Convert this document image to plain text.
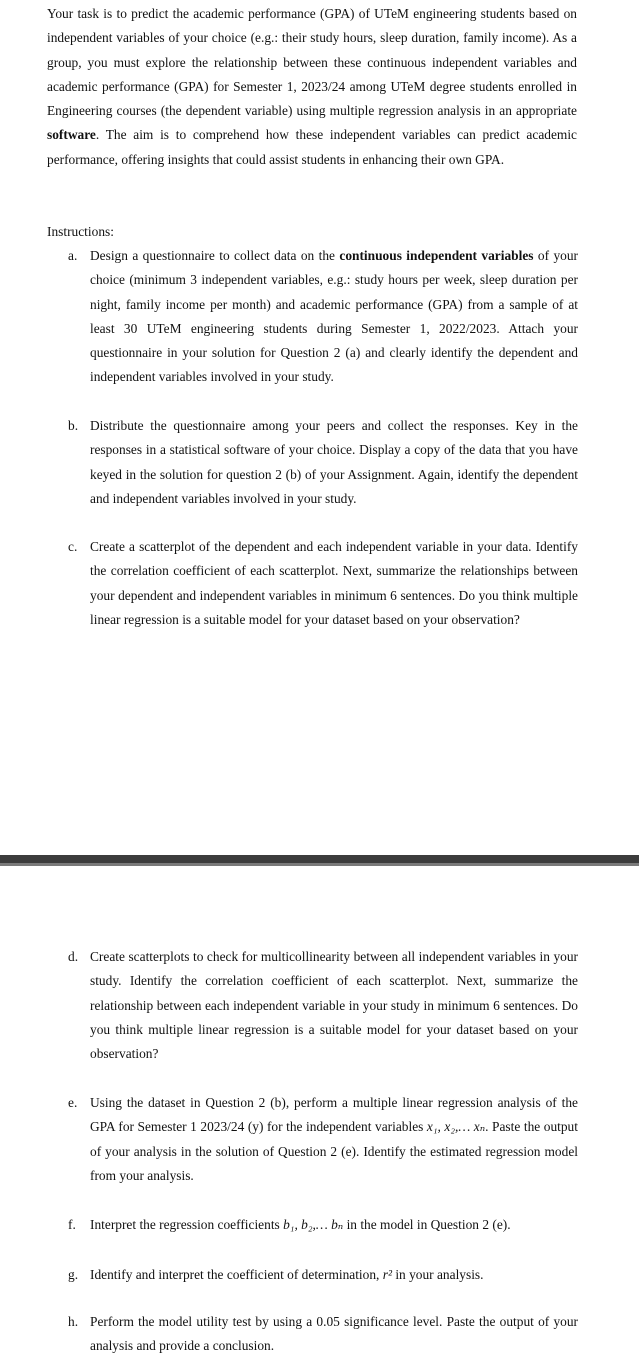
Your task is to predict the academic performance (GPA) of UTeM engineering students based on independent variables of your choice (e.g.: their study hours, sleep duration, family income). As a group, you must explore the relationship between these continuous independent variables and academic performance (GPA) for Semester 1, 2023/24 among UTeM degree students enrolled in Engineering courses (the dependent variable) using multiple regression analysis in an appropriate software. The aim is to comprehend how these independent variables can predict academic performance, offering insights that could assist students in enhancing their own GPA.

Instructions:
a. Design a questionnaire to collect data on the continuous independent variables of your choice (minimum 3 independent variables, e.g.: study hours per week, sleep duration per night, family income per month) and academic performance (GPA) from a sample of at least 30 UTeM engineering students during Semester 1, 2022/2023. Attach your questionnaire in your solution for Question 2 (a) and clearly identify the dependent and independent variables involved in your study.
b. Distribute the questionnaire among your peers and collect the responses. Key in the responses in a statistical software of your choice. Display a copy of the data that you have keyed in the solution for question 2 (b) of your Assignment. Again, identify the dependent and independent variables involved in your study.
c. Create a scatterplot of the dependent and each independent variable in your data. Identify the correlation coefficient of each scatterplot. Next, summarize the relationships between your dependent and independent variables in minimum 6 sentences. Do you think multiple linear regression is a suitable model for your dataset based on your observation?
d. Create scatterplots to check for multicollinearity between all independent variables in your study. Identify the correlation coefficient of each scatterplot. Next, summarize the relationship between each independent variable in your study in minimum 6 sentences. Do you think multiple linear regression is a suitable model for your dataset based on your observation?
e. Using the dataset in Question 2 (b), perform a multiple linear regression analysis of the GPA for Semester 1 2023/24 (y) for the independent variables x₁, x₂,… xₙ. Paste the output of your analysis in the solution of Question 2 (e). Identify the estimated regression model from your analysis.
f.	Interpret the regression coefficients b₁, b₂,… bₙ in the model in Question 2 (e).
g. Identify and interpret the coefficient of determination, r² in your analysis.
h. Perform the model utility test by using a 0.05 significance level. Paste the output of your analysis and provide a conclusion.
